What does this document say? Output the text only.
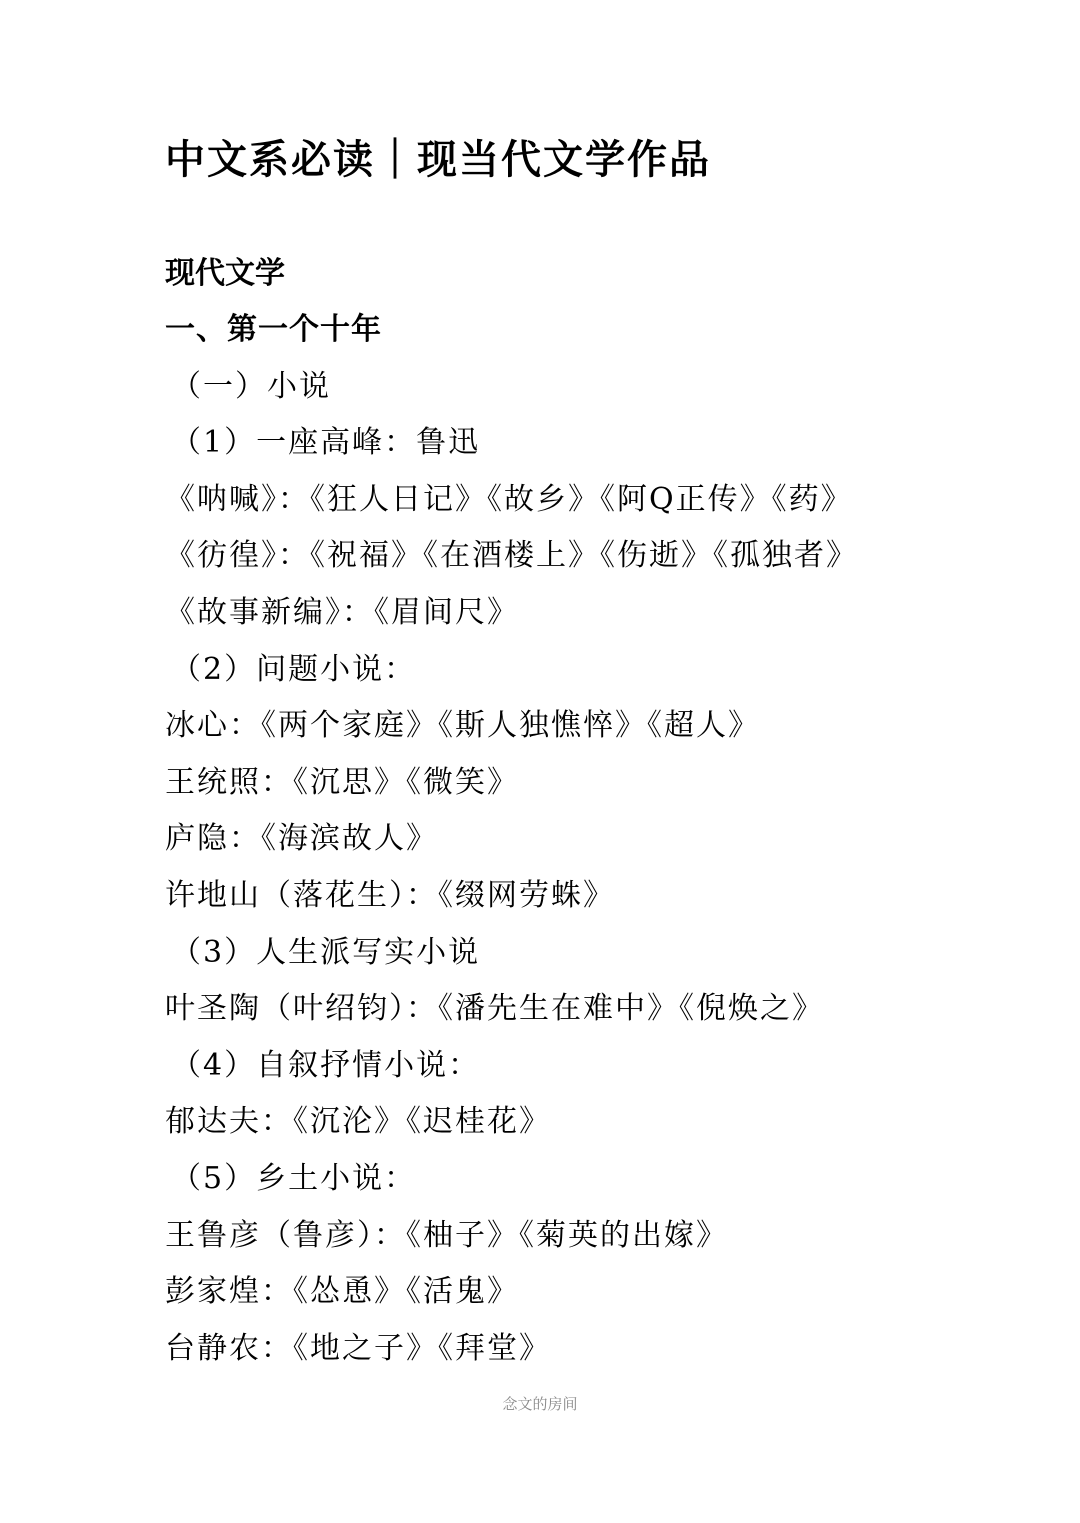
中文系必读｜现当代文学作品
现代文学
一、第一个十年
（一）小说
（1）一座高峰：鲁迅
《呐喊》：《狂人日记》《故乡》《阿Q正传》《药》
《彷徨》：《祝福》《在酒楼上》《伤逝》《孤独者》
《故事新编》：《眉间尺》
（2）问题小说：
冰心：《两个家庭》《斯人独憔悴》《超人》
王统照：《沉思》《微笑》
庐隐：《海滨故人》
许地山（落花生）：《缀网劳蛛》
（3）人生派写实小说
叶圣陶（叶绍钧）：《潘先生在难中》《倪焕之》
（4）自叙抒情小说：
郁达夫：《沉沦》《迟桂花》
（5）乡土小说：
王鲁彦（鲁彦）：《柚子》《菊英的出嫁》
彭家煌：《怂恿》《活鬼》
台静农：《地之子》《拜堂》
念文的房间
